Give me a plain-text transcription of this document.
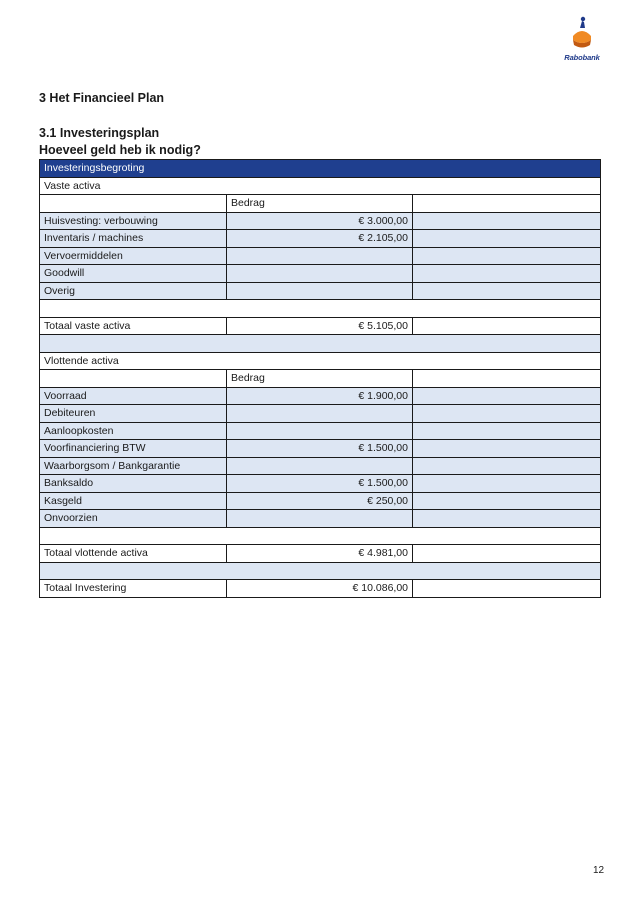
Rabobank
3 Het Financieel Plan
3.1 Investeringsplan
Hoeveel geld heb ik nodig?
Investeringsbegroting		
Vaste activa		
	Bedrag	
Huisvesting: verbouwing	€ 3.000,00	
Inventaris / machines	€ 2.105,00	
Vervoermiddelen		
Goodwill		
Overig		

Totaal vaste activa	€ 5.105,00	

Vlottende activa		
	Bedrag	
Voorraad	€ 1.900,00	
Debiteuren		
Aanloopkosten		
Voorfinanciering BTW	€ 1.500,00	
Waarborgsom / Bankgarantie		
Banksaldo	€ 1.500,00	
Kasgeld	€ 250,00	
Onvoorzien		

Totaal vlottende activa	€ 4.981,00	

Totaal Investering	€ 10.086,00	
12
